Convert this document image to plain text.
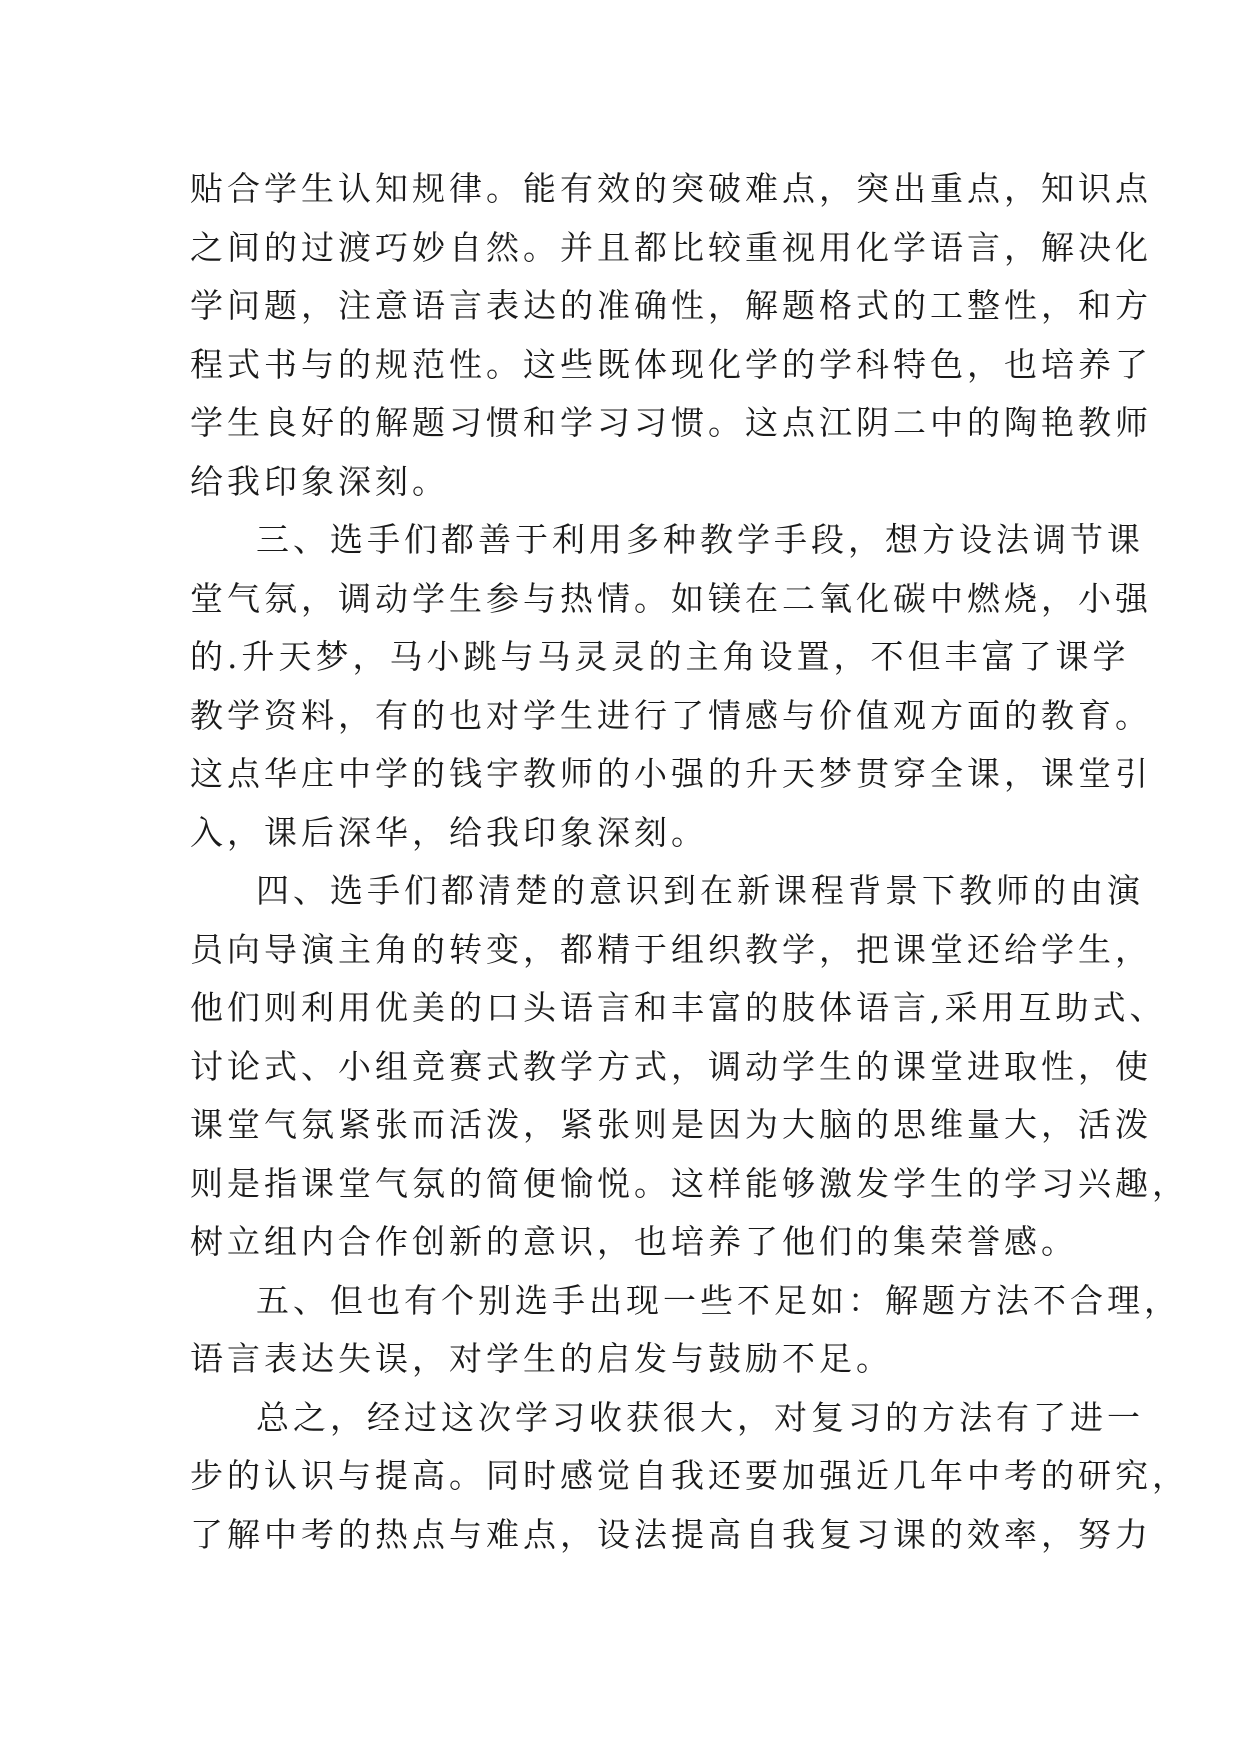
贴合学生认知规律。能有效的突破难点，突出重点，知识点
之间的过渡巧妙自然。并且都比较重视用化学语言，解决化
学问题，注意语言表达的准确性，解题格式的工整性，和方
程式书与的规范性。这些既体现化学的学科特色，也培养了
学生良好的解题习惯和学习习惯。这点江阴二中的陶艳教师
给我印象深刻。
三、选手们都善于利用多种教学手段，想方设法调节课
堂气氛，调动学生参与热情。如镁在二氧化碳中燃烧，小强
的.升天梦，马小跳与马灵灵的主角设置，不但丰富了课学
教学资料，有的也对学生进行了情感与价值观方面的教育。
这点华庄中学的钱宇教师的小强的升天梦贯穿全课，课堂引
入，课后深华，给我印象深刻。
四、选手们都清楚的意识到在新课程背景下教师的由演
员向导演主角的转变，都精于组织教学，把课堂还给学生，
他们则利用优美的口头语言和丰富的肢体语言,采用互助式、
讨论式、小组竞赛式教学方式，调动学生的课堂进取性，使
课堂气氛紧张而活泼，紧张则是因为大脑的思维量大，活泼
则是指课堂气氛的简便愉悦。这样能够激发学生的学习兴趣，
树立组内合作创新的意识，也培养了他们的集荣誉感。
五、但也有个别选手出现一些不足如：解题方法不合理，
语言表达失误，对学生的启发与鼓励不足。
总之，经过这次学习收获很大，对复习的方法有了进一
步的认识与提高。同时感觉自我还要加强近几年中考的研究，
了解中考的热点与难点，设法提高自我复习课的效率，努力
